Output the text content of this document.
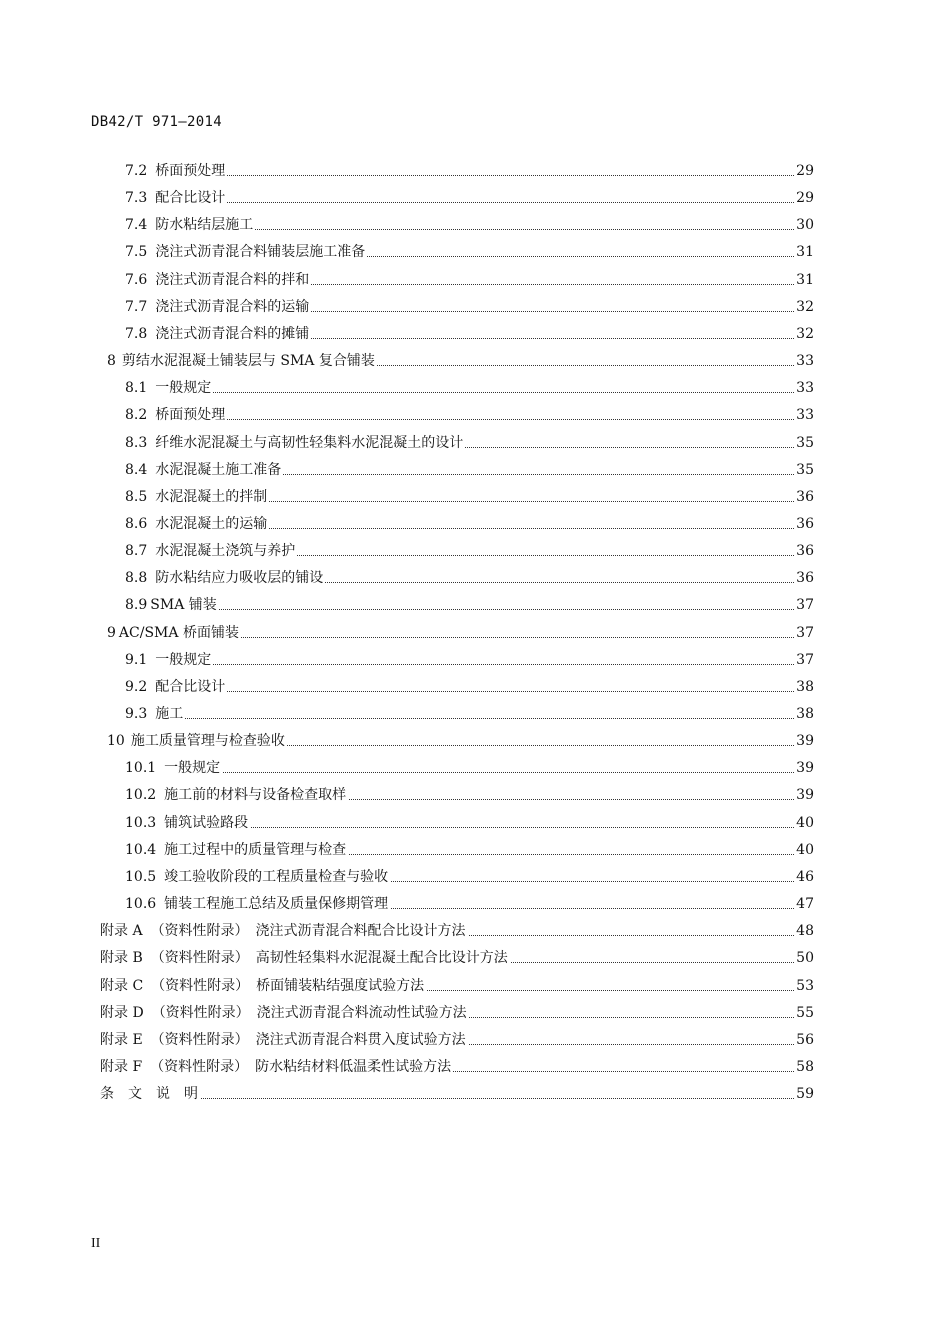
DB42/T 971—2014
7.2 桥面预处理	29
7.3 配合比设计	29
7.4 防水粘结层施工	30
7.5 浇注式沥青混合料铺装层施工准备	31
7.6 浇注式沥青混合料的拌和	31
7.7 浇注式沥青混合料的运输	32
7.8 浇注式沥青混合料的摊铺	32
8 剪结水泥混凝土铺装层与 SMA 复合铺装	33
8.1 一般规定	33
8.2 桥面预处理	33
8.3 纤维水泥混凝土与高韧性轻集料水泥混凝土的设计	35
8.4 水泥混凝土施工准备	35
8.5 水泥混凝土的拌制	36
8.6 水泥混凝土的运输	36
8.7 水泥混凝土浇筑与养护	36
8.8 防水粘结应力吸收层的铺设	36
8.9 SMA 铺装	37
9 AC/SMA 桥面铺装	37
9.1 一般规定	37
9.2 配合比设计	38
9.3 施工	38
10 施工质量管理与检查验收	39
10.1 一般规定	39
10.2 施工前的材料与设备检查取样	39
10.3 铺筑试验路段	40
10.4 施工过程中的质量管理与检查	40
10.5 竣工验收阶段的工程质量检查与验收	46
10.6 铺装工程施工总结及质量保修期管理	47
附录 A （资料性附录）　浇注式沥青混合料配合比设计方法	48
附录 B （资料性附录）　高韧性轻集料水泥混凝土配合比设计方法	50
附录 C （资料性附录）　桥面铺装粘结强度试验方法	53
附录 D （资料性附录）　浇注式沥青混合料流动性试验方法	55
附录 E （资料性附录）　浇注式沥青混合料贯入度试验方法	56
附录 F （资料性附录）　防水粘结材料低温柔性试验方法	58
条　文　说　明	59
II
